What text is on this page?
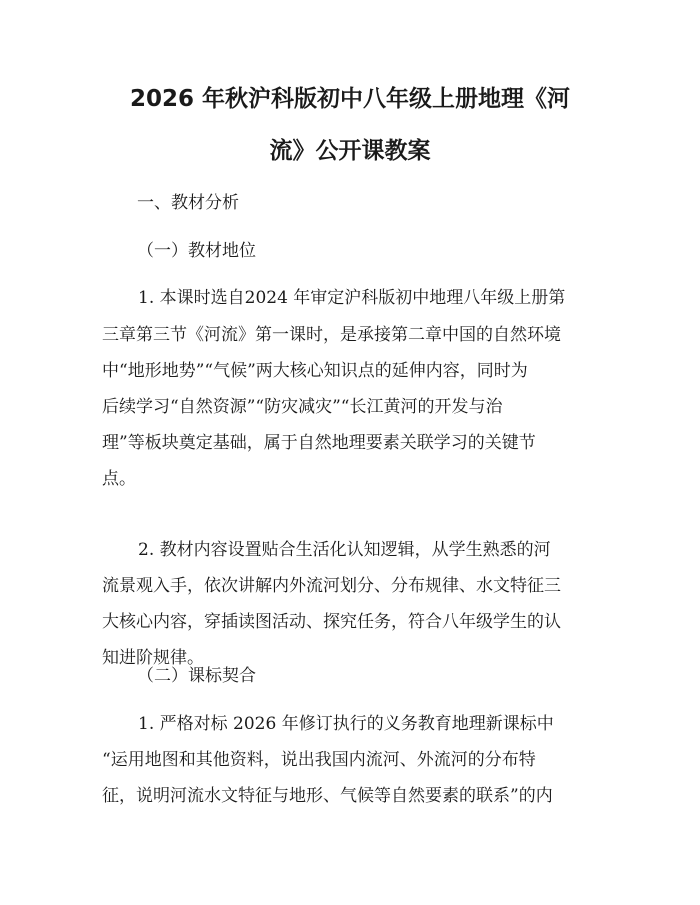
2026 年秋沪科版初中八年级上册地理《河
流》公开课教案
一、教材分析
（一）教材地位
1. 本课时选自2024 年审定沪科版初中地理八年级上册第
三章第三节《河流》第一课时，是承接第二章中国的自然环境
中“地形地势”“气候”两大核心知识点的延伸内容，同时为
后续学习“自然资源”“防灾减灾”“长江黄河的开发与治
理”等板块奠定基础，属于自然地理要素关联学习的关键节
点。
2. 教材内容设置贴合生活化认知逻辑，从学生熟悉的河
流景观入手，依次讲解内外流河划分、分布规律、水文特征三
大核心内容，穿插读图活动、探究任务，符合八年级学生的认
知进阶规律。
（二）课标契合
1. 严格对标 2026 年修订执行的义务教育地理新课标中
“运用地图和其他资料，说出我国内流河、外流河的分布特
征，说明河流水文特征与地形、气候等自然要素的联系”的内
